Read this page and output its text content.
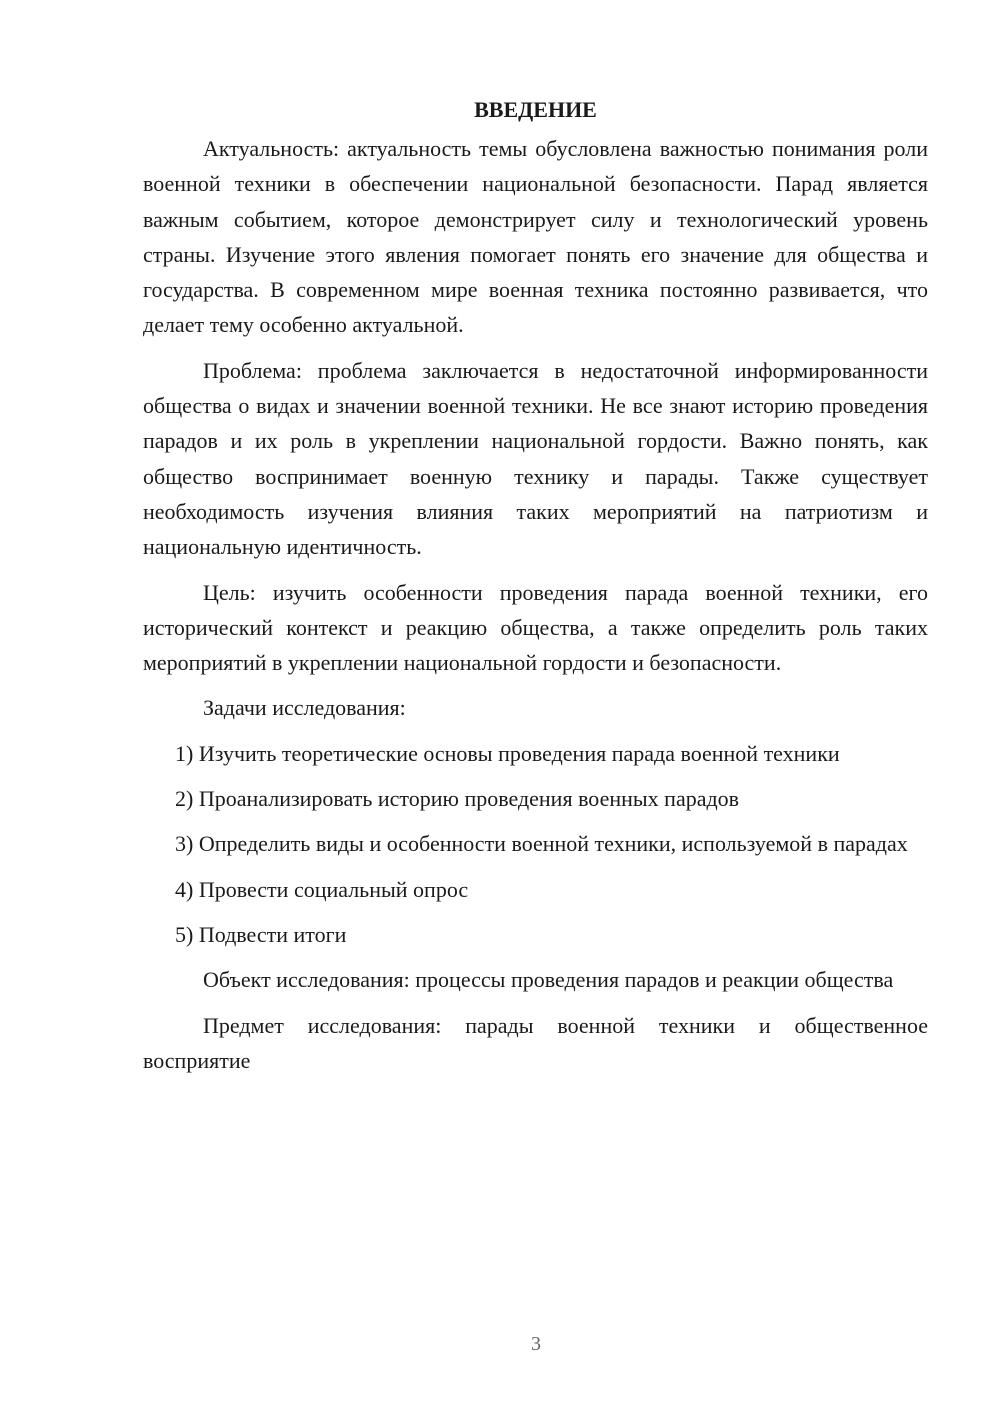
ВВЕДЕНИЕ

Актуальность: актуальность темы обусловлена важностью понимания роли военной техники в обеспечении национальной безопасности. Парад является важным событием, которое демонстрирует силу и технологический уровень страны. Изучение этого явления помогает понять его значение для общества и государства. В современном мире военная техника постоянно развивается, что делает тему особенно актуальной.

Проблема: проблема заключается в недостаточной информированности общества о видах и значении военной техники. Не все знают историю проведения парадов и их роль в укреплении национальной гордости. Важно понять, как общество воспринимает военную технику и парады. Также существует необходимость изучения влияния таких мероприятий на патриотизм и национальную идентичность.

Цель: изучить особенности проведения парада военной техники, его исторический контекст и реакцию общества, а также определить роль таких мероприятий в укреплении национальной гордости и безопасности.

Задачи исследования:

1) Изучить теоретические основы проведения парада военной техники

2) Проанализировать историю проведения военных парадов

3) Определить виды и особенности военной техники, используемой в парадах

4) Провести социальный опрос

5) Подвести итоги

Объект исследования: процессы проведения парадов и реакции общества

Предмет исследования: парады военной техники и общественное восприятие

3
